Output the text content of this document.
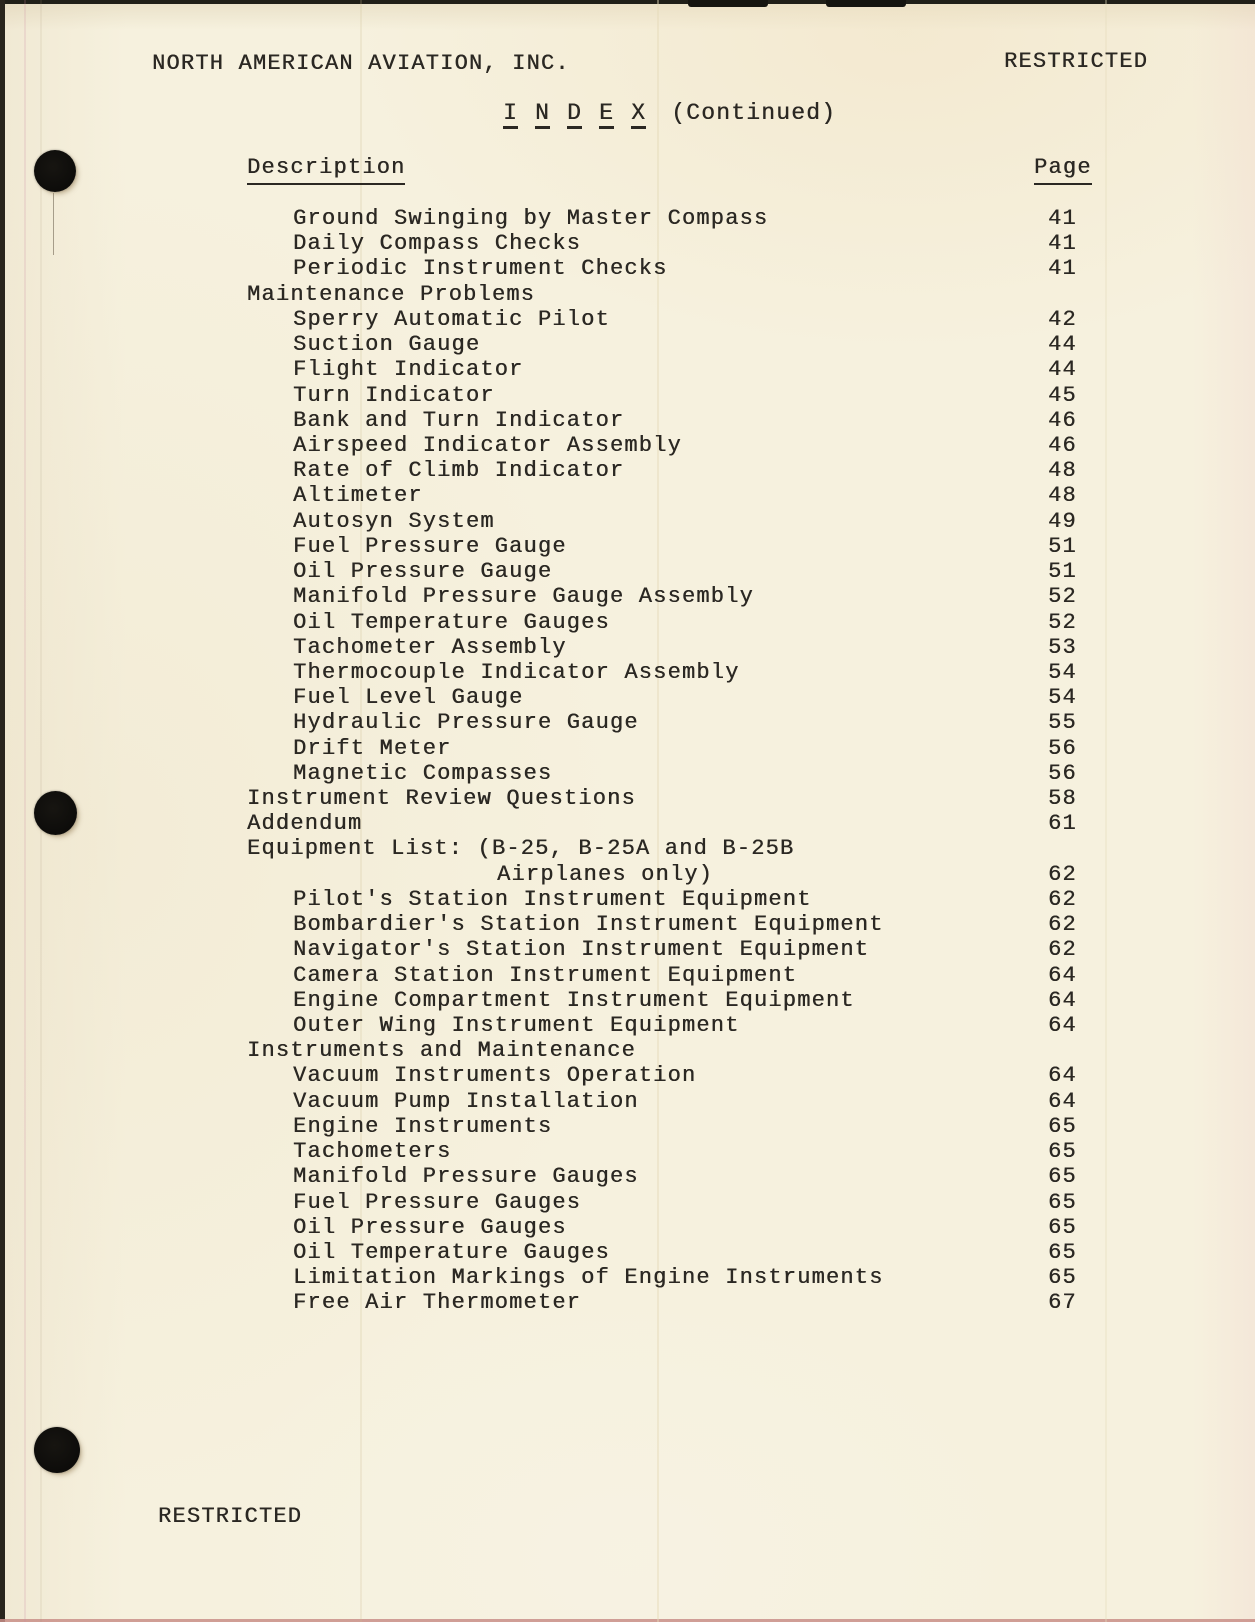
NORTH AMERICAN AVIATION, INC.	RESTRICTED
I N D E X (Continued)
Description	Page
Ground Swinging by Master Compass	41
Daily Compass Checks	41
Periodic Instrument Checks	41
Maintenance Problems
Sperry Automatic Pilot	42
Suction Gauge	44
Flight Indicator	44
Turn Indicator	45
Bank and Turn Indicator	46
Airspeed Indicator Assembly	46
Rate of Climb Indicator	48
Altimeter	48
Autosyn System	49
Fuel Pressure Gauge	51
Oil Pressure Gauge	51
Manifold Pressure Gauge Assembly	52
Oil Temperature Gauges	52
Tachometer Assembly	53
Thermocouple Indicator Assembly	54
Fuel Level Gauge	54
Hydraulic Pressure Gauge	55
Drift Meter	56
Magnetic Compasses	56
Instrument Review Questions	58
Addendum	61
Equipment List: (B-25, B-25A and B-25B
Airplanes only)	62
Pilot's Station Instrument Equipment	62
Bombardier's Station Instrument Equipment	62
Navigator's Station Instrument Equipment	62
Camera Station Instrument Equipment	64
Engine Compartment Instrument Equipment	64
Outer Wing Instrument Equipment	64
Instruments and Maintenance
Vacuum Instruments Operation	64
Vacuum Pump Installation	64
Engine Instruments	65
Tachometers	65
Manifold Pressure Gauges	65
Fuel Pressure Gauges	65
Oil Pressure Gauges	65
Oil Temperature Gauges	65
Limitation Markings of Engine Instruments	65
Free Air Thermometer	67
RESTRICTED
